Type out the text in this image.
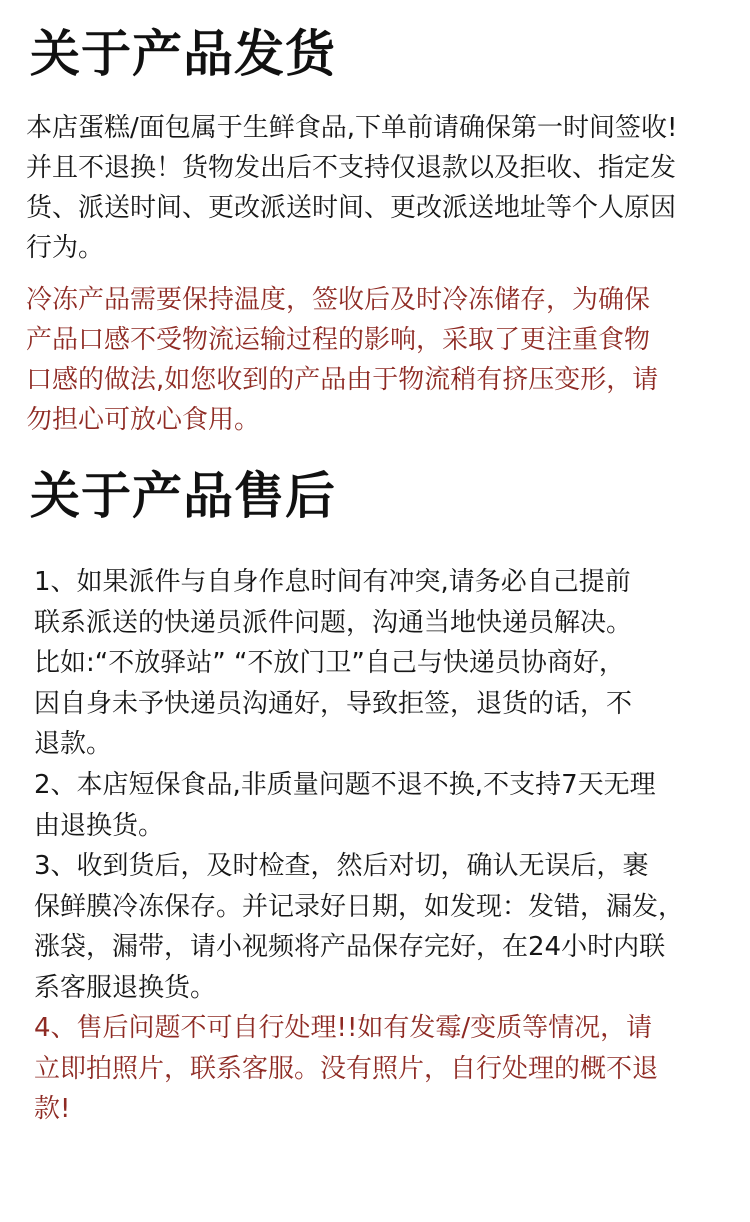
关于产品发货
本店蛋糕/面包属于生鲜食品,下单前请确保第一时间签收!
并且不退换！货物发出后不支持仅退款以及拒收、指定发
货、派送时间、更改派送时间、更改派送地址等个人原因
行为。
冷冻产品需要保持温度，签收后及时冷冻储存，为确保
产品口感不受物流运输过程的影响，采取了更注重食物
口感的做法,如您收到的产品由于物流稍有挤压变形，请
勿担心可放心食用。
关于产品售后
1、如果派件与自身作息时间有冲突,请务必自己提前
联系派送的快递员派件问题，沟通当地快递员解决。
比如:“不放驿站” “不放门卫”自己与快递员协商好，
因自身未予快递员沟通好，导致拒签，退货的话，不
退款。
2、本店短保食品,非质量问题不退不换,不支持7天无理
由退换货。
3、收到货后，及时检查，然后对切，确认无误后，裹
保鲜膜冷冻保存。并记录好日期，如发现：发错，漏发，
涨袋，漏带，请小视频将产品保存完好，在24小时内联
系客服退换货。
4、售后问题不可自行处理!!如有发霉/变质等情况，请
立即拍照片，联系客服。没有照片，自行处理的概不退
款!
